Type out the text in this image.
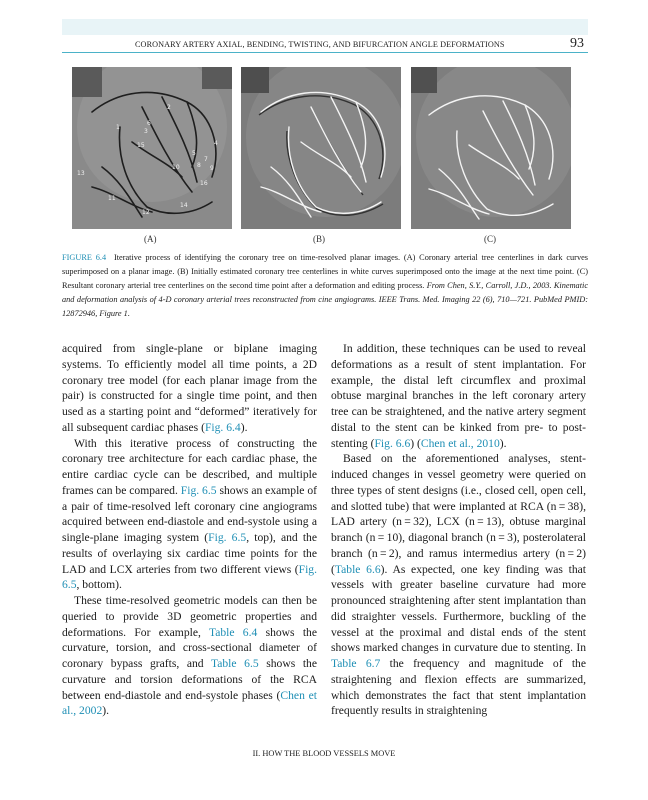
CORONARY ARTERY AXIAL, BENDING, TWISTING, AND BIFURCATION ANGLE DEFORMATIONS	93
1
2
3
4
5
6
7
8 9
10
11
12
13
14
15
16
(A)	(B)	(C)
FIGURE 6.4 Iterative process of identifying the coronary tree on time-resolved planar images. (A) Coronary arterial tree centerlines in dark curves superimposed on a planar image. (B) Initially estimated coronary tree centerlines in white curves superimposed onto the image at the next time point. (C) Resultant coronary arterial tree centerlines on the second time point after a deformation and editing process. From Chen, S.Y., Carroll, J.D., 2003. Kinematic and deformation analysis of 4-D coronary arterial trees reconstructed from cine angiograms. IEEE Trans. Med. Imaging 22 (6), 710—721. PubMed PMID: 12872946, Figure 1.

acquired from single-plane or biplane imaging systems. To efficiently model all time points, a 2D coronary tree model (for each planar image from the pair) is constructed for a single time point, and then used as a starting point and “deformed” iteratively for all subsequent cardiac phases (Fig. 6.4).

With this iterative process of constructing the coronary tree architecture for each cardiac phase, the entire cardiac cycle can be described, and multiple frames can be compared. Fig. 6.5 shows an example of a pair of time-resolved left coronary cine angiograms acquired between end-diastole and end-systole using a single-plane imaging system (Fig. 6.5, top), and the results of overlaying six cardiac time points for the LAD and LCX arteries from two different views (Fig. 6.5, bottom).

These time-resolved geometric models can then be queried to provide 3D geometric properties and deformations. For example, Table 6.4 shows the curvature, torsion, and cross-sectional diameter of coronary bypass grafts, and Table 6.5 shows the curvature and torsion deformations of the RCA between end-diastole and end-systole phases (Chen et al., 2002).

In addition, these techniques can be used to reveal deformations as a result of stent implantation. For example, the distal left circumflex and proximal obtuse marginal branches in the left coronary artery tree can be straightened, and the native artery segment distal to the stent can be kinked from pre- to post-stenting (Fig. 6.6) (Chen et al., 2010).

Based on the aforementioned analyses, stent-induced changes in vessel geometry were queried on three types of stent designs (i.e., closed cell, open cell, and slotted tube) that were implanted at RCA (n = 38), LAD artery (n = 32), LCX (n = 13), obtuse marginal branch (n = 10), diagonal branch (n = 3), posterolateral branch (n = 2), and ramus intermedius artery (n = 2) (Table 6.6). As expected, one key finding was that vessels with greater baseline curvature had more pronounced straightening after stent implantation than did straighter vessels. Furthermore, buckling of the vessel at the proximal and distal ends of the stent shows marked changes in curvature due to stenting. In Table 6.7 the frequency and magnitude of the straightening and flexion effects are summarized, which demonstrates the fact that stent implantation frequently results in straightening

II. HOW THE BLOOD VESSELS MOVE
